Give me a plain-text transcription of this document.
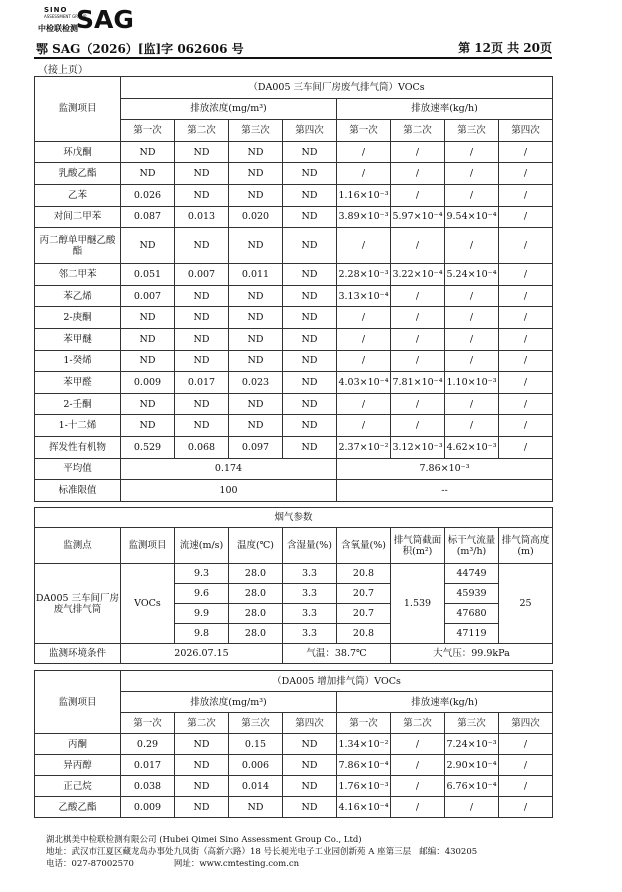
SINO
ASSESSMENT GROUP
中检联检测
SAG
鄂 SAG（2026）[监]字 062606 号	第 12页 共 20页
（接上页）
监测项目	（DA005 三车间厂房废气排气筒）VOCs							
	排放浓度(mg/m³)				排放速率(kg/h)			
	第一次	第二次	第三次	第四次	第一次	第二次	第三次	第四次
环戊酮	ND	ND	ND	ND	/	/	/	/
乳酸乙酯	ND	ND	ND	ND	/	/	/	/
乙苯	0.026	ND	ND	ND	1.16×10⁻³	/	/	/
对间二甲苯	0.087	0.013	0.020	ND	3.89×10⁻³	5.97×10⁻⁴	9.54×10⁻⁴	/
丙二醇单甲醚乙酸酯	ND	ND	ND	ND	/	/	/	/
邻二甲苯	0.051	0.007	0.011	ND	2.28×10⁻³	3.22×10⁻⁴	5.24×10⁻⁴	/
苯乙烯	0.007	ND	ND	ND	3.13×10⁻⁴	/	/	/
2-庚酮	ND	ND	ND	ND	/	/	/	/
苯甲醚	ND	ND	ND	ND	/	/	/	/
1-癸烯	ND	ND	ND	ND	/	/	/	/
苯甲醛	0.009	0.017	0.023	ND	4.03×10⁻⁴	7.81×10⁻⁴	1.10×10⁻³	/
2-壬酮	ND	ND	ND	ND	/	/	/	/
1-十二烯	ND	ND	ND	ND	/	/	/	/
挥发性有机物	0.529	0.068	0.097	ND	2.37×10⁻²	3.12×10⁻³	4.62×10⁻³	/
平均值	0.174				7.86×10⁻³			
标准限值	100				--			
烟气参数								
监测点	监测项目	流速(m/s)	温度(℃)	含湿量(%)	含氧量(%)	排气筒截面积(m²)	标干气流量(m³/h)	排气筒高度(m)
DA005 三车间厂房废气排气筒	VOCs	9.3	28.0	3.3	20.8	1.539	44749	25
		9.6	28.0	3.3	20.7		45939	
		9.9	28.0	3.3	20.7		47680	
		9.8	28.0	3.3	20.8		47119	
监测环境条件	2026.07.15			气温：38.7℃		大气压：99.9kPa		
监测项目	（DA005 增加排气筒）VOCs							
	排放浓度(mg/m³)				排放速率(kg/h)			
	第一次	第二次	第三次	第四次	第一次	第二次	第三次	第四次
丙酮	0.29	ND	0.15	ND	1.34×10⁻²	/	7.24×10⁻³	/
异丙醇	0.017	ND	0.006	ND	7.86×10⁻⁴	/	2.90×10⁻⁴	/
正己烷	0.038	ND	0.014	ND	1.76×10⁻³	/	6.76×10⁻⁴	/
乙酸乙酯	0.009	ND	ND	ND	4.16×10⁻⁴	/	/	/
湖北棋美中检联检测有限公司 (Hubei Qimei Sino Assessment Group Co., Ltd)
地址：武汉市江夏区藏龙岛办事处九凤街（高新六路）18 号长昶光电子工业园创新苑 A 座第三层 邮编：430205
电话：027-87002570	网址：www.cmtesting.com.cn
